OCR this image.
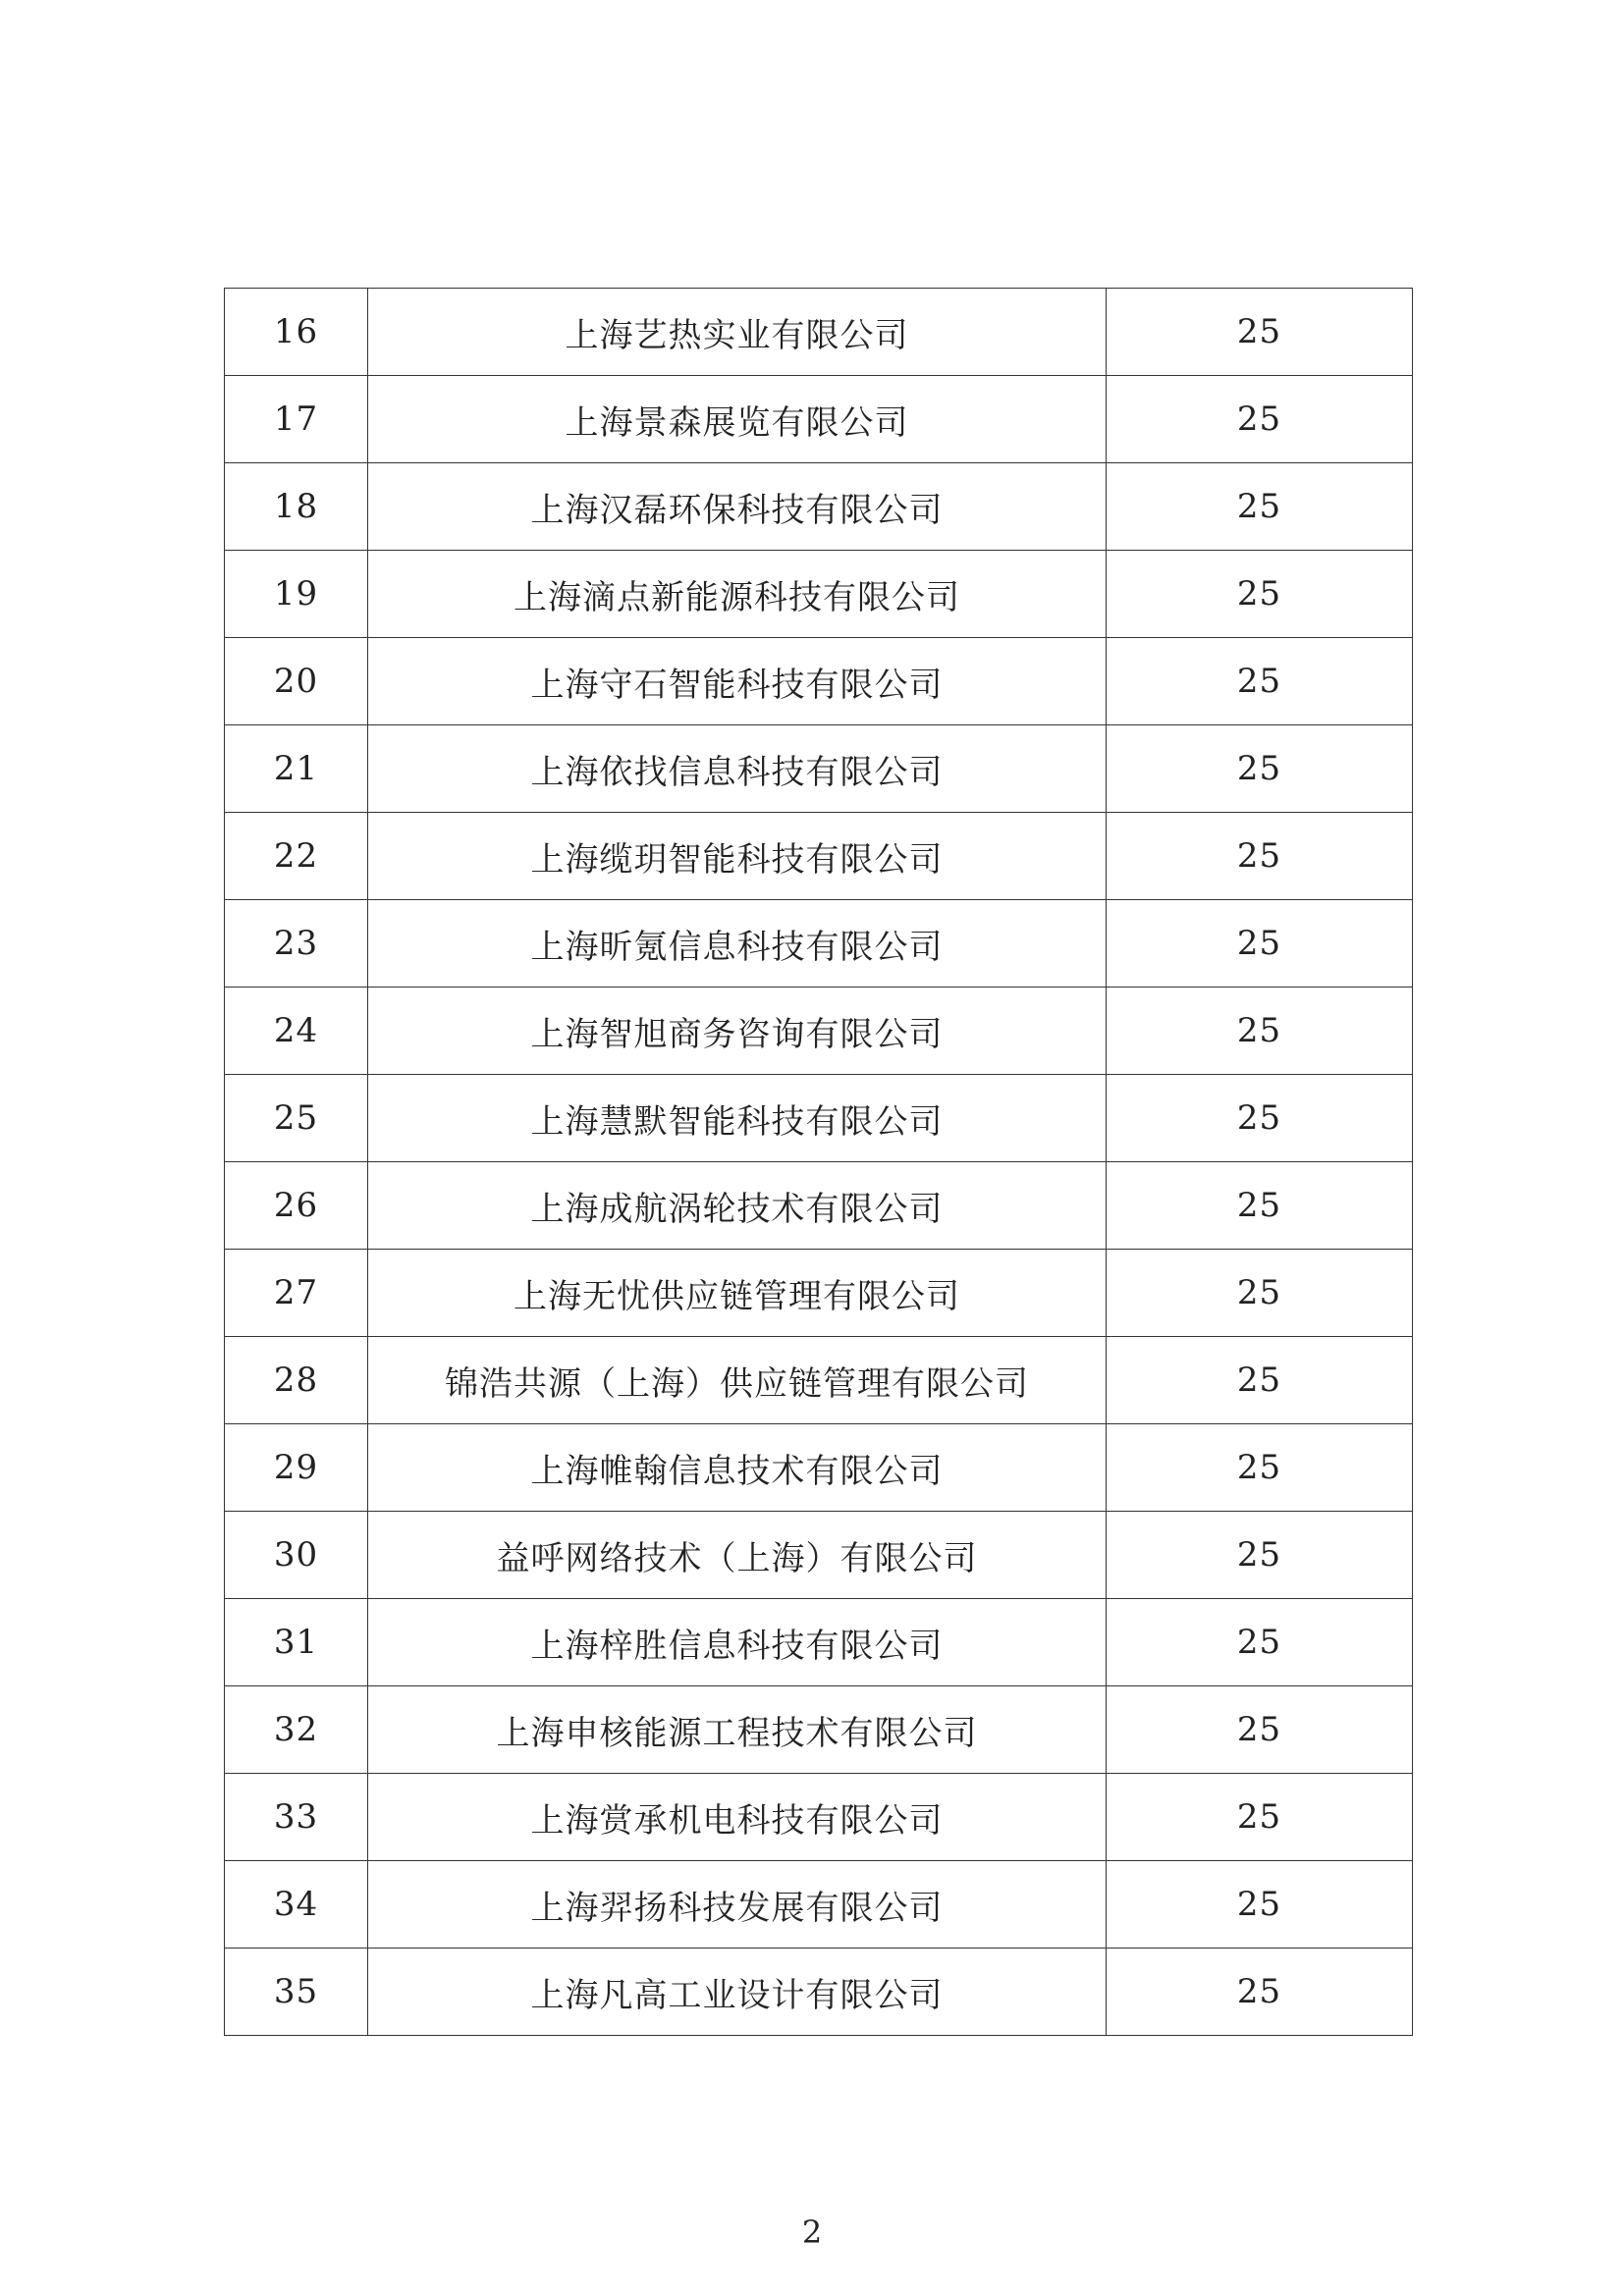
16	上海艺热实业有限公司	25
17	上海景森展览有限公司	25
18	上海汉磊环保科技有限公司	25
19	上海滴点新能源科技有限公司	25
20	上海守石智能科技有限公司	25
21	上海依找信息科技有限公司	25
22	上海缆玥智能科技有限公司	25
23	上海昕氪信息科技有限公司	25
24	上海智旭商务咨询有限公司	25
25	上海慧默智能科技有限公司	25
26	上海成航涡轮技术有限公司	25
27	上海无忧供应链管理有限公司	25
28	锦浩共源（上海）供应链管理有限公司	25
29	上海帷翰信息技术有限公司	25
30	益呼网络技术（上海）有限公司	25
31	上海梓胜信息科技有限公司	25
32	上海申核能源工程技术有限公司	25
33	上海赏承机电科技有限公司	25
34	上海羿扬科技发展有限公司	25
35	上海凡高工业设计有限公司	25
2
